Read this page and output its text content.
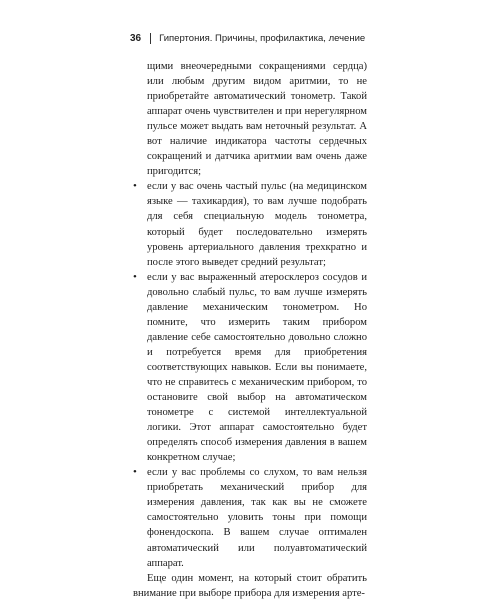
36 Гипертония. Причины, профилактика, лечение

щими внеочередными сокращениями сердца) или любым другим видом аритмии, то не приобретайте автоматический тонометр. Такой аппарат очень чувствителен и при нерегулярном пульсе может выдать вам неточный результат. А вот наличие индикатора частоты сердечных сокращений и датчика аритмии вам очень даже пригодится;

• если у вас очень частый пульс (на медицинском языке — тахикардия), то вам лучше подобрать для себя специальную модель тонометра, который будет последовательно измерять уровень артериального давления трехкратно и после этого выведет средний результат;
• если у вас выраженный атеросклероз сосудов и довольно слабый пульс, то вам лучше измерять давление механическим тонометром. Но помните, что измерить таким прибором давление себе самостоятельно довольно сложно и потребуется время для приобретения соответствующих навыков. Если вы понимаете, что не справитесь с механическим прибором, то остановите свой выбор на автоматическом тонометре с системой интеллектуальной логики. Этот аппарат самостоятельно будет определять способ измерения давления в вашем конкретном случае;
• если у вас проблемы со слухом, то вам нельзя приобретать механический прибор для измерения давления, так как вы не сможете самостоятельно уловить тоны при помощи фонендоскопа. В вашем случае оптимален автоматический или полуавтоматический аппарат.

Еще один момент, на который стоит обратить внимание при выборе прибора для измерения арте-
